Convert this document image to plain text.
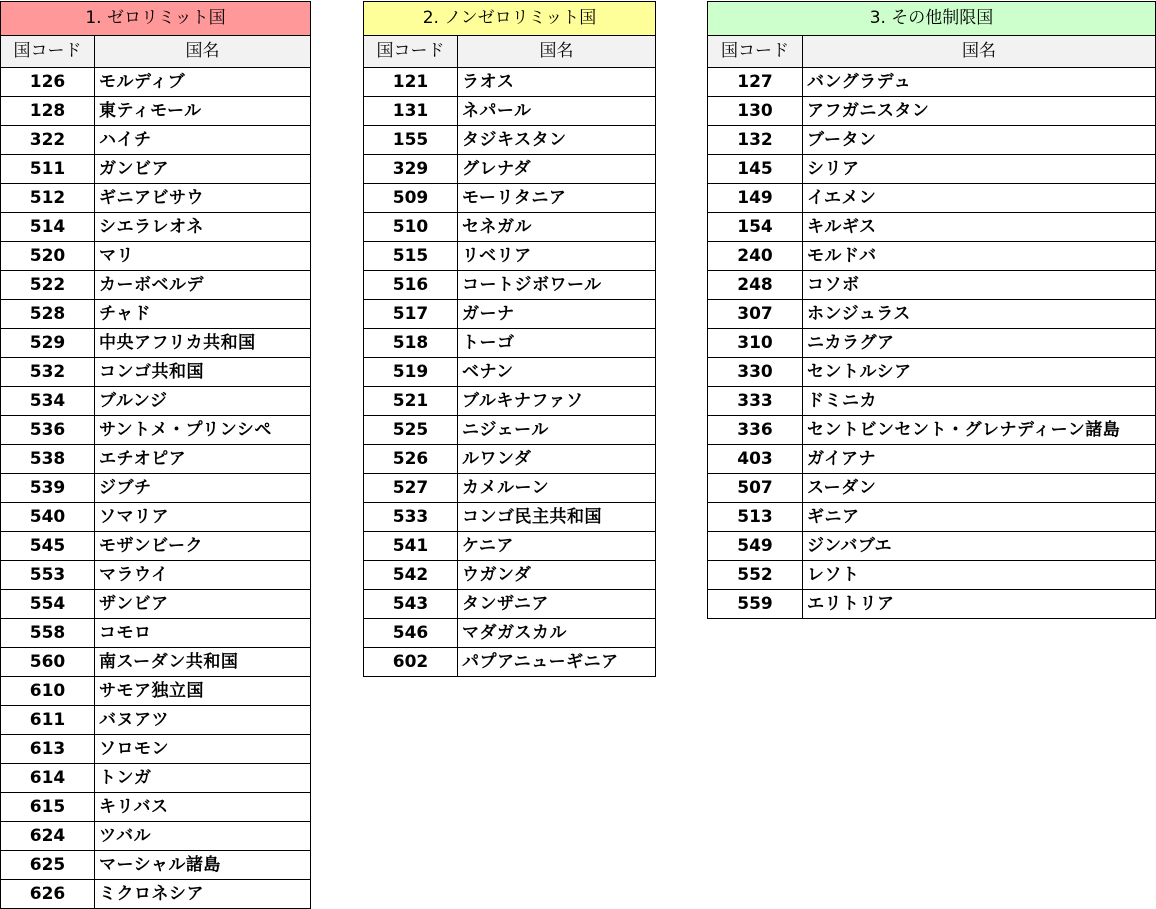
1. ゼロリミット国	
国コード	国名
126	モルディブ
128	東ティモール
322	ハイチ
511	ガンビア
512	ギニアビサウ
514	シエラレオネ
520	マリ
522	カーボベルデ
528	チャド
529	中央アフリカ共和国
532	コンゴ共和国
534	ブルンジ
536	サントメ・プリンシペ
538	エチオピア
539	ジブチ
540	ソマリア
545	モザンビーク
553	マラウイ
554	ザンビア
558	コモロ
560	南スーダン共和国
610	サモア独立国
611	バヌアツ
613	ソロモン
614	トンガ
615	キリバス
624	ツバル
625	マーシャル諸島
626	ミクロネシア
2. ノンゼロリミット国	
国コード	国名
121	ラオス
131	ネパール
155	タジキスタン
329	グレナダ
509	モーリタニア
510	セネガル
515	リベリア
516	コートジボワール
517	ガーナ
518	トーゴ
519	ベナン
521	ブルキナファソ
525	ニジェール
526	ルワンダ
527	カメルーン
533	コンゴ民主共和国
541	ケニア
542	ウガンダ
543	タンザニア
546	マダガスカル
602	パプアニューギニア
3. その他制限国	
国コード	国名
127	バングラデュ
130	アフガニスタン
132	ブータン
145	シリア
149	イエメン
154	キルギス
240	モルドバ
248	コソボ
307	ホンジュラス
310	ニカラグア
330	セントルシア
333	ドミニカ
336	セントビンセント・グレナディーン諸島
403	ガイアナ
507	スーダン
513	ギニア
549	ジンバブエ
552	レソト
559	エリトリア
